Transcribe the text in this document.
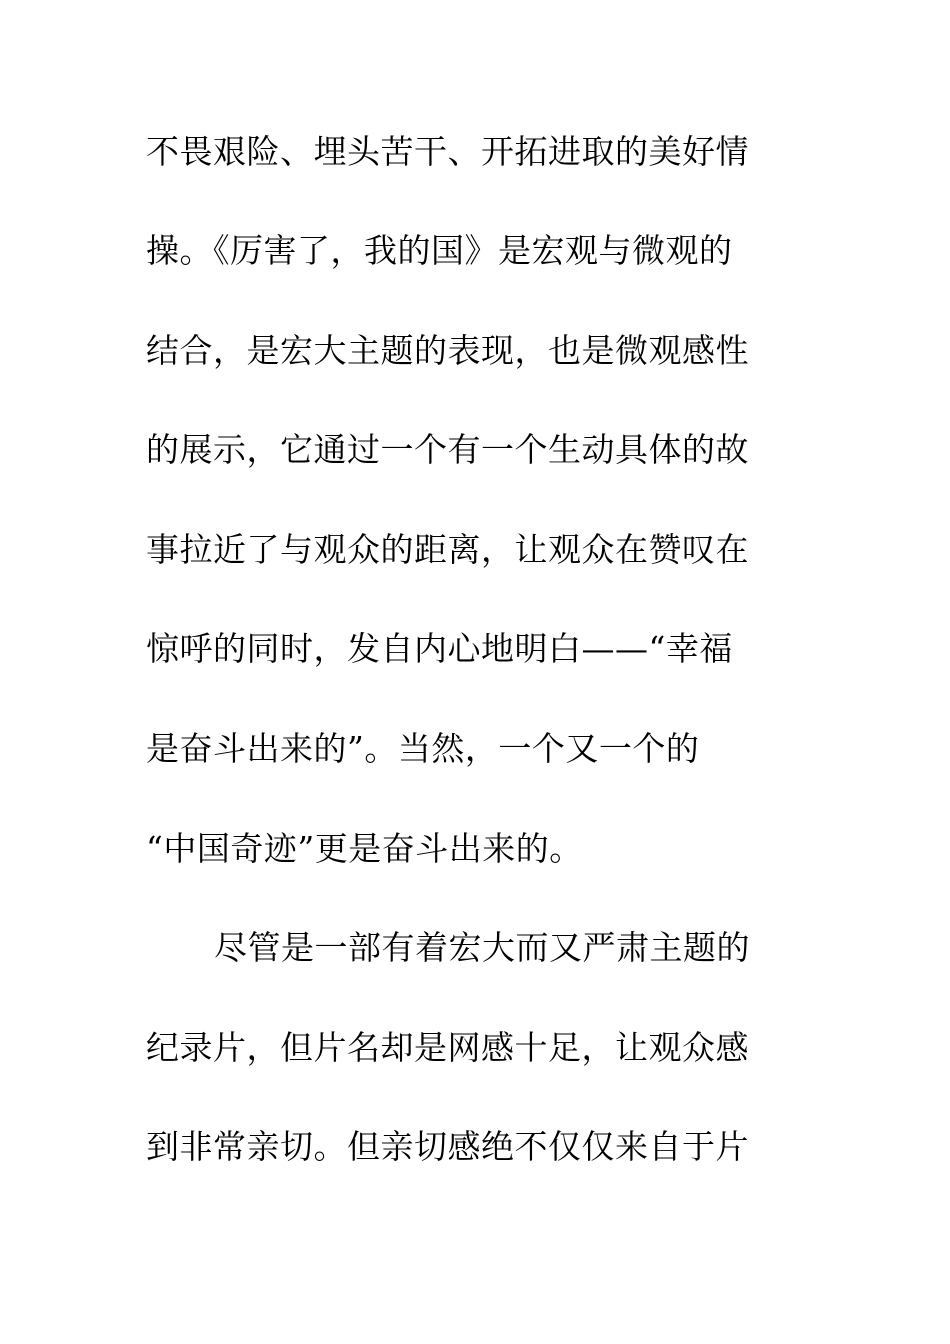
不畏艰险、埋头苦干、开拓进取的美好情
操。《厉害了，我的国》是宏观与微观的
结合，是宏大主题的表现，也是微观感性
的展示，它通过一个有一个生动具体的故
事拉近了与观众的距离，让观众在赞叹在
惊呼的同时，发自内心地明白——“幸福
是奋斗出来的”。当然，一个又一个的
“中国奇迹”更是奋斗出来的。
尽管是一部有着宏大而又严肃主题的
纪录片，但片名却是网感十足，让观众感
到非常亲切。但亲切感绝不仅仅来自于片
